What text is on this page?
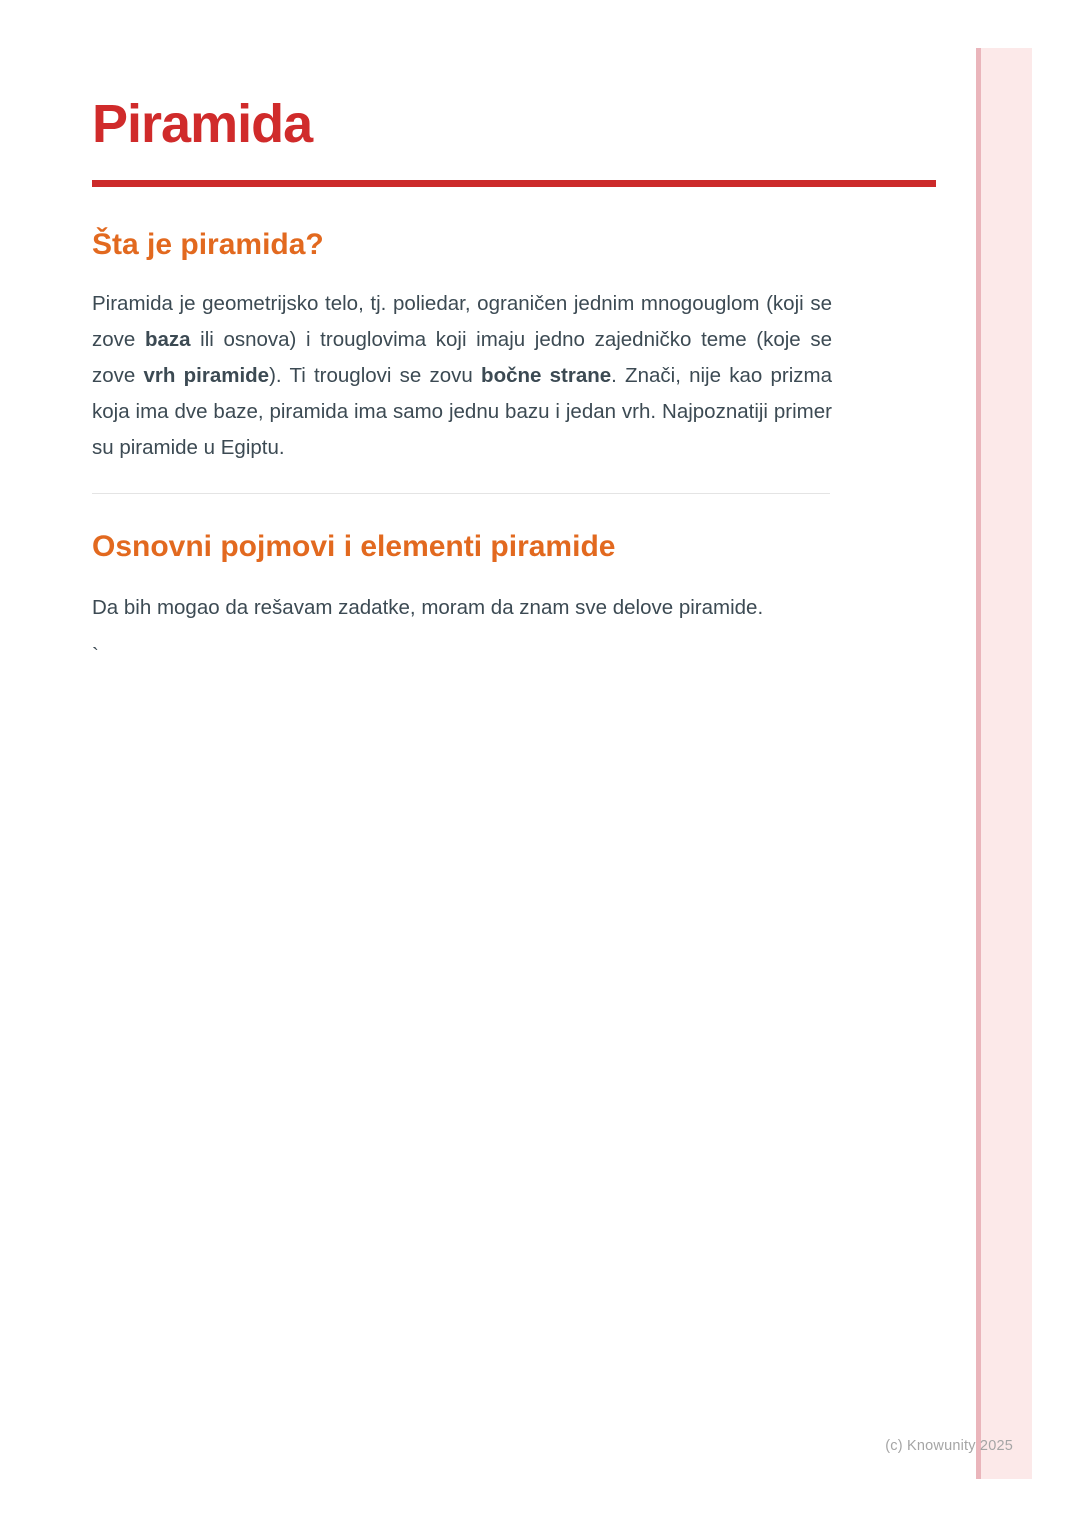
Piramida
Šta je piramida?

Piramida je geometrijsko telo, tj. poliedar, ograničen jednim mnogouglom (koji se zove baza ili osnova) i trouglovima koji imaju jedno zajedničko teme (koje se zove vrh piramide). Ti trouglovi se zovu bočne strane. Znači, nije kao prizma koja ima dve baze, piramida ima samo jednu bazu i jedan vrh. Najpoznatiji primer su piramide u Egiptu.

Osnovni pojmovi i elementi piramide

Da bih mogao da rešavam zadatke, moram da znam sve delove piramide.

`

(c) Knowunity 2025
